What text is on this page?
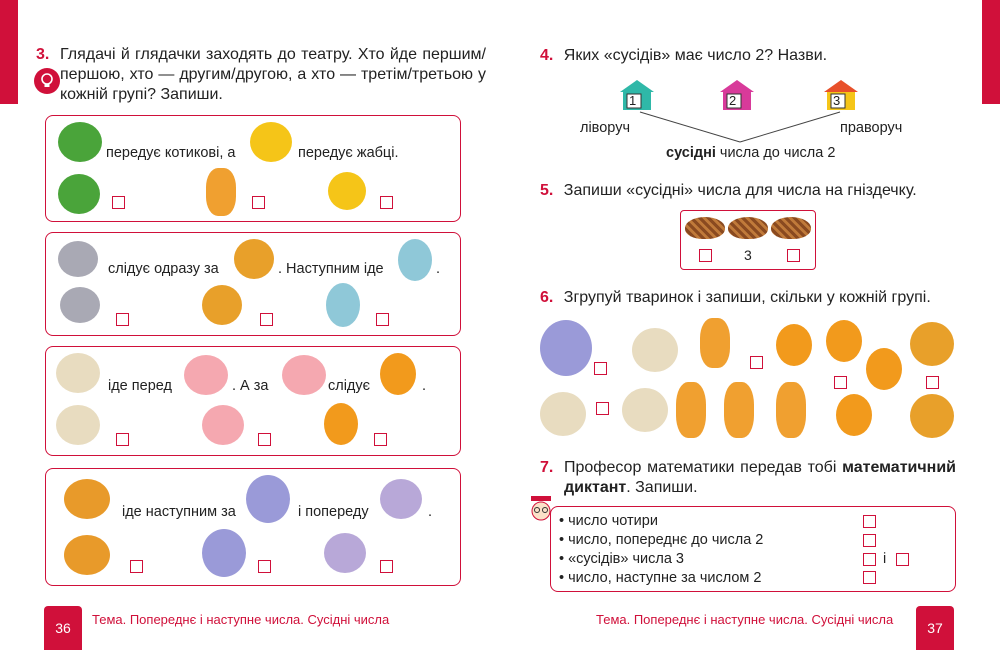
3. Глядачі й глядачки заходять до театру. Хто йде першим/першою, хто — другим/другою, а хто — третім/третьою у кожній групі? Запиши.
передує котикові, а	передує жабці.
слідує одразу за	. Наступним іде	.
іде перед	. А за	слідує	.
іде наступним за	і попереду	.
36
Тема. Попереднє і наступне числа. Сусідні числа
4. Яких «сусідів» має число 2? Назви.
1	2	3
ліворуч	праворуч
сусідні числа до числа 2
5. Запиши «сусідні» числа для числа на гніздечку.
3
6. Згрупуй тваринок і запиши, скільки у кожній групі.
7. Професор математики передав тобі математичний диктант. Запиши.
• число чотири
• число, попереднє до числа 2
• «сусідів» числа 3	і
• число, наступне за числом 2
Тема. Попереднє і наступне числа. Сусідні числа
37
